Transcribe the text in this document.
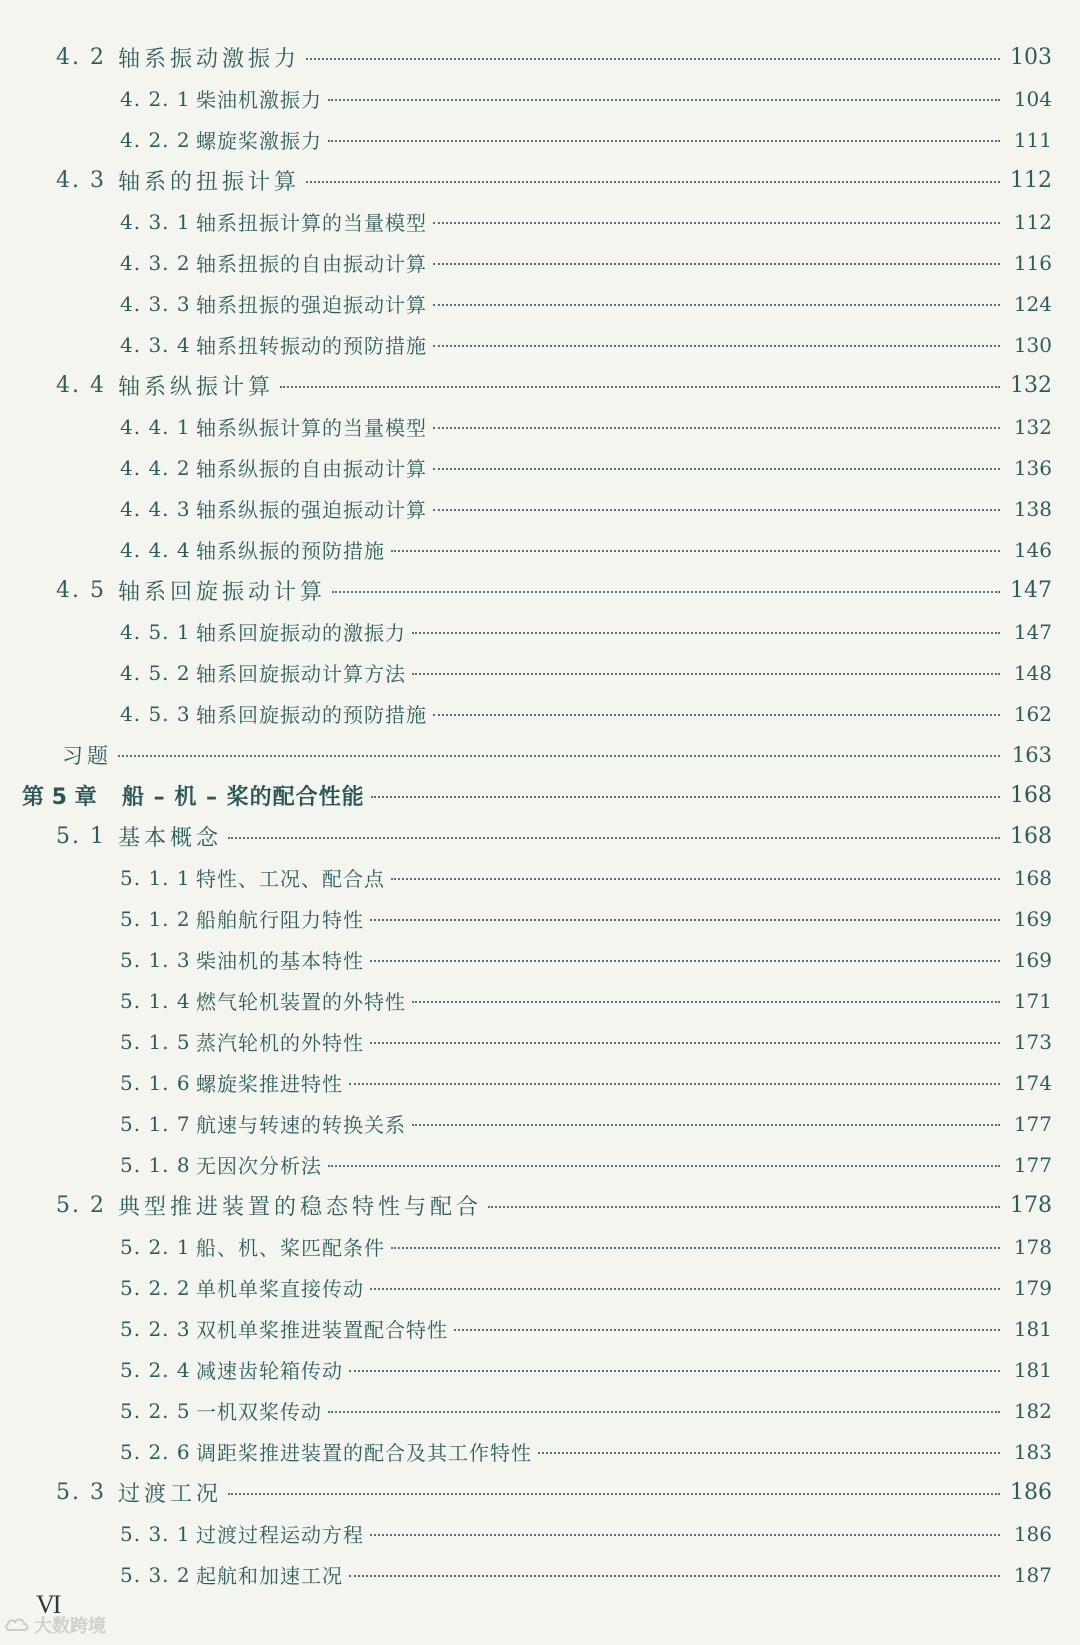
4. 2 轴系振动激振力	103
4. 2. 1 柴油机激振力	104
4. 2. 2 螺旋桨激振力	111
4. 3 轴系的扭振计算	112
4. 3. 1 轴系扭振计算的当量模型	112
4. 3. 2 轴系扭振的自由振动计算	116
4. 3. 3 轴系扭振的强迫振动计算	124
4. 3. 4 轴系扭转振动的预防措施	130
4. 4 轴系纵振计算	132
4. 4. 1 轴系纵振计算的当量模型	132
4. 4. 2 轴系纵振的自由振动计算	136
4. 4. 3 轴系纵振的强迫振动计算	138
4. 4. 4 轴系纵振的预防措施	146
4. 5 轴系回旋振动计算	147
4. 5. 1 轴系回旋振动的激振力	147
4. 5. 2 轴系回旋振动计算方法	148
4. 5. 3 轴系回旋振动的预防措施	162
习题	163
第 5 章	船 – 机 – 桨的配合性能	168
5. 1 基本概念	168
5. 1. 1 特性、工况、配合点	168
5. 1. 2 船舶航行阻力特性	169
5. 1. 3 柴油机的基本特性	169
5. 1. 4 燃气轮机装置的外特性	171
5. 1. 5 蒸汽轮机的外特性	173
5. 1. 6 螺旋桨推进特性	174
5. 1. 7 航速与转速的转换关系	177
5. 1. 8 无因次分析法	177
5. 2 典型推进装置的稳态特性与配合	178
5. 2. 1 船、机、桨匹配条件	178
5. 2. 2 单机单桨直接传动	179
5. 2. 3 双机单桨推进装置配合特性	181
5. 2. 4 减速齿轮箱传动	181
5. 2. 5 一机双桨传动	182
5. 2. 6 调距桨推进装置的配合及其工作特性	183
5. 3 过渡工况	186
5. 3. 1 过渡过程运动方程	186
5. 3. 2 起航和加速工况	187
VI
大数跨境
